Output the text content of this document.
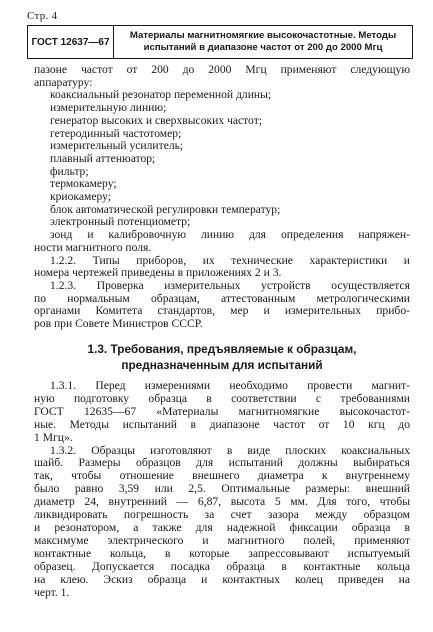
Стр. 4
ГОСТ 12637—67
Материалы магнитномягкие высокочастотные. Методы
испытаний в диапазоне частот от 200 до 2000 Мгц

пазоне частот от 200 до 2000 Мгц применяют следующую

аппаратуру:

коаксиальный резонатор переменной длины;

измерительную линию;

генератор высоких и сверхвысоких частот;

гетеродинный частотомер;

измерительный усилитель;

плавный аттенюатор;

фильтр;

термокамеру;

криокамеру;

блок автоматической регулировки температур;

электронный потенциометр;

зонд и калибровочную линию для определения напряжен-

ности магнитного поля.

1.2.2. Типы приборов, их технические характеристики и

номера чертежей приведены в приложениях 2 и 3.

1.2.3. Проверка измерительных устройств осуществляется

по нормальным образцам, аттестованным метрологическими

органами Комитета стандартов, мер и измерительных прибо-

ров при Совете Министров СССР.

1.3. Требования, предъявляемые к образцам,
предназначенным для испытаний

1.3.1. Перед измерениями необходимо провести магнит-

ную подготовку образца в соответствии с требованиями

ГОСТ 12635—67 «Материалы магнитномягкие высокочастот-

ные. Методы испытаний в диапазоне частот от 10 кгц до

1 Мгц».

1.3.2. Образцы изготовляют в виде плоских коаксиальных

шайб. Размеры образцов для испытаний должны выбираться

так, чтобы отношение внешнего диаметра к внутреннему

было равно 3,59 или 2,5. Оптимальные размеры: внешний

диаметр 24, внутренний — 6,87, высота 5 мм. Для того, чтобы

ликвидировать погрешность за счет зазора между образцом

и резонатором, а также для надежной фиксации образца в

максимуме электрического и магнитного полей, применяют

контактные кольца, в которые запрессовывают испытуемый

образец. Допускается посадка образца в контактные кольца

на клею. Эскиз образца и контактных колец приведен на

черт. 1.
